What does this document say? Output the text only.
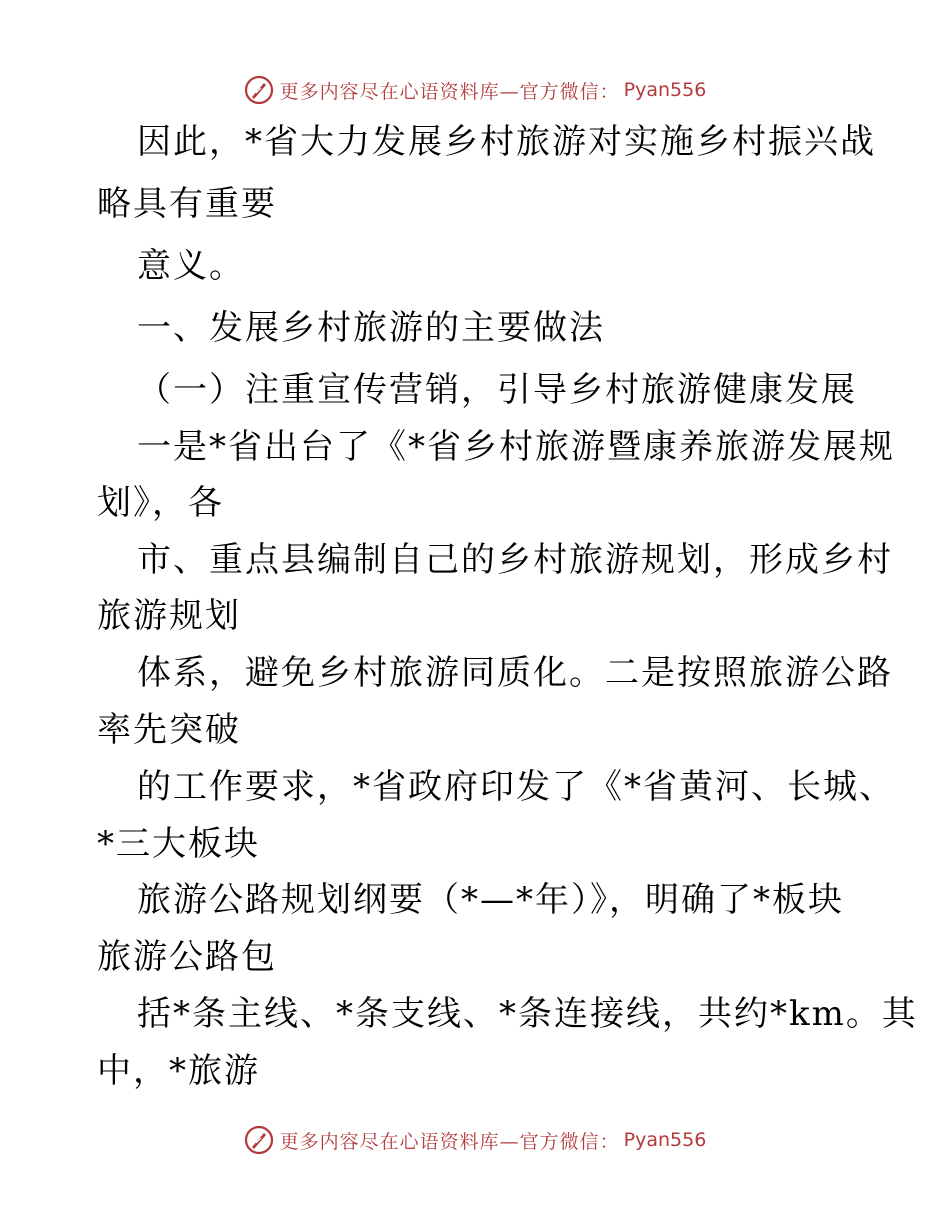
更多内容尽在心语资料库—官方微信： Pyan556
因此，*省大力发展乡村旅游对实施乡村振兴战
略具有重要
意义。
一、发展乡村旅游的主要做法
（一）注重宣传营销，引导乡村旅游健康发展
一是*省出台了《*省乡村旅游暨康养旅游发展规
划》，各
市、重点县编制自己的乡村旅游规划，形成乡村
旅游规划
体系，避免乡村旅游同质化。二是按照旅游公路
率先突破
的工作要求，*省政府印发了《*省黄河、长城、
*三大板块
旅游公路规划纲要（*—*年）》，明确了*板块
旅游公路包
括*条主线、*条支线、*条连接线，共约*km。其
中，*旅游
更多内容尽在心语资料库—官方微信： Pyan556
